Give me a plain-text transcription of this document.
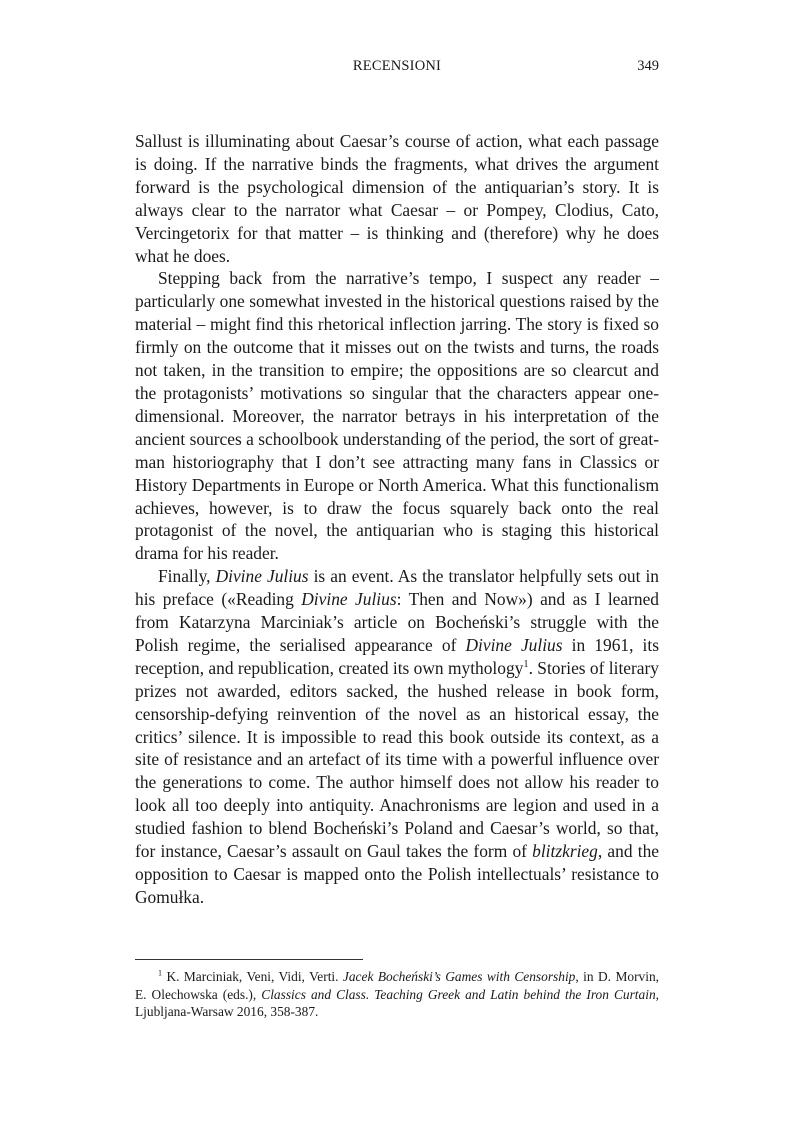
RECENSIONI	349

Sallust is illuminating about Caesar’s course of action, what each passage is doing. If the narrative binds the fragments, what drives the argument forward is the psychological dimension of the antiquarian’s story. It is always clear to the narrator what Caesar – or Pompey, Clodius, Cato, Vercingetorix for that matter – is thinking and (therefore) why he does what he does.

Stepping back from the narrative’s tempo, I suspect any reader – particularly one somewhat invested in the historical questions raised by the material – might find this rhetorical inflection jarring. The story is fixed so firmly on the outcome that it misses out on the twists and turns, the roads not taken, in the transition to empire; the oppositions are so clearcut and the protagonists’ motivations so singular that the characters appear one-dimensional. Moreover, the narrator betrays in his interpretation of the ancient sources a schoolbook understanding of the period, the sort of great-man historiography that I don’t see attracting many fans in Classics or History Departments in Europe or North America. What this functionalism achieves, however, is to draw the focus squarely back onto the real protagonist of the novel, the antiquarian who is staging this historical drama for his reader.

Finally, Divine Julius is an event. As the translator helpfully sets out in his preface («Reading Divine Julius: Then and Now») and as I learned from Katarzyna Marciniak’s article on Bocheński’s struggle with the Polish regime, the serialised appearance of Divine Julius in 1961, its reception, and republication, created its own mythology$^1$. Stories of literary prizes not awarded, editors sacked, the hushed release in book form, censorship-defying reinvention of the novel as an historical essay, the critics’ silence. It is impossible to read this book outside its context, as a site of resistance and an artefact of its time with a powerful influence over the generations to come. The author himself does not allow his reader to look all too deeply into antiquity. Anachronisms are legion and used in a studied fashion to blend Bocheński’s Poland and Caesar’s world, so that, for instance, Caesar’s assault on Gaul takes the form of blitzkrieg, and the opposition to Caesar is mapped onto the Polish intellectuals’ resistance to Gomułka.

$^1$ K. Marciniak, Veni, Vidi, Verti. Jacek Bocheński’s Games with Censorship, in D. Morvin, E. Olechowska (eds.), Classics and Class. Teaching Greek and Latin behind the Iron Curtain, Ljubljana-Warsaw 2016, 358-387.
